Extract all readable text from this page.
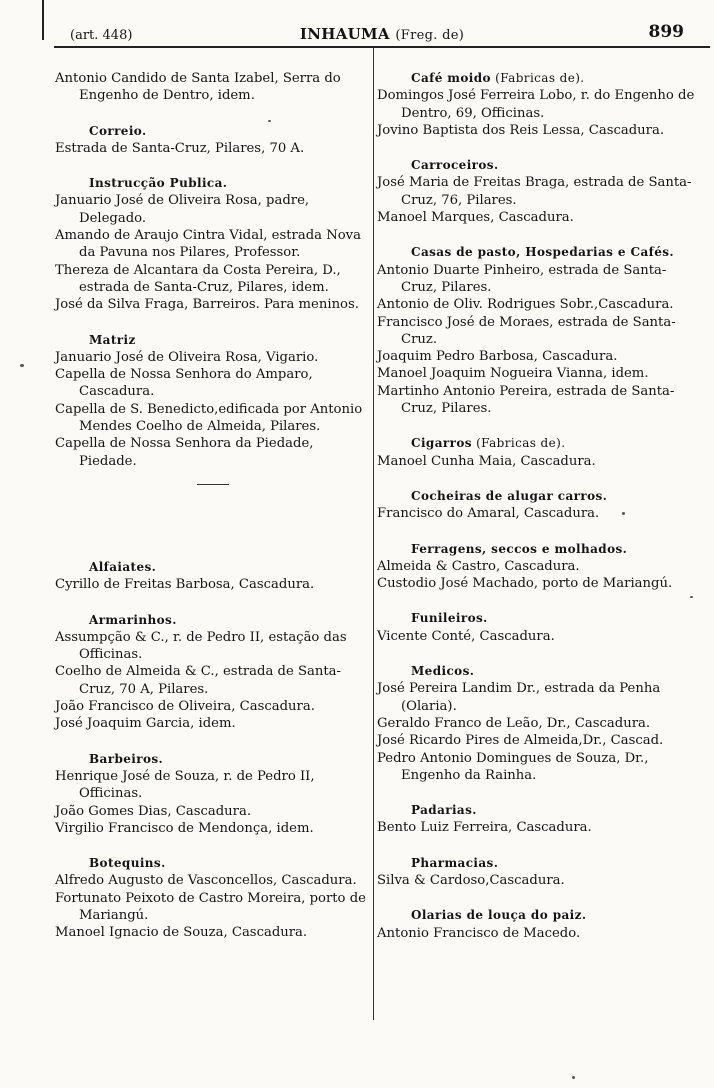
(art. 448)	INHAUMA (Freg. de)	899

Antonio Candido de Santa Izabel, Serra do Engenho de Dentro, idem.

Correio.

Estrada de Santa-Cruz, Pilares, 70 A.

Instrucção Publica.

Januario José de Oliveira Rosa, padre, Delegado.

Amando de Araujo Cintra Vidal, estrada Nova da Pavuna nos Pilares, Professor.

Thereza de Alcantara da Costa Pereira, D., estrada de Santa-Cruz, Pilares, idem.

José da Silva Fraga, Barreiros. Para meninos.

Matriz

Januario José de Oliveira Rosa, Vigario.

Capella de Nossa Senhora do Amparo, Cascadura.

Capella de S. Benedicto,edificada por Antonio Mendes Coelho de Almeida, Pilares.

Capella de Nossa Senhora da Piedade, Piedade.

Alfaiates.

Cyrillo de Freitas Barbosa, Cascadura.

Armarinhos.

Assumpção & C., r. de Pedro II, estação das Officinas.

Coelho de Almeida & C., estrada de Santa-Cruz, 70 A, Pilares.

João Francisco de Oliveira, Cascadura.

José Joaquim Garcia, idem.

Barbeiros.

Henrique José de Souza, r. de Pedro II, Officinas.

João Gomes Dias, Cascadura.

Virgilio Francisco de Mendonça, idem.

Botequins.

Alfredo Augusto de Vasconcellos, Cascadura.

Fortunato Peixoto de Castro Moreira, porto de Mariangú.

Manoel Ignacio de Souza, Cascadura.

Café moido (Fabricas de).

Domingos José Ferreira Lobo, r. do Engenho de Dentro, 69, Officinas.

Jovino Baptista dos Reis Lessa, Cascadura.

Carroceiros.

José Maria de Freitas Braga, estrada de Santa-Cruz, 76, Pilares.

Manoel Marques, Cascadura.

Casas de pasto, Hospedarias e Cafés.

Antonio Duarte Pinheiro, estrada de Santa-Cruz, Pilares.

Antonio de Oliv. Rodrigues Sobr.,Cascadura.

Francisco José de Moraes, estrada de Santa-Cruz.

Joaquim Pedro Barbosa, Cascadura.

Manoel Joaquim Nogueira Vianna, idem.

Martinho Antonio Pereira, estrada de Santa-Cruz, Pilares.

Cigarros (Fabricas de).

Manoel Cunha Maia, Cascadura.

Cocheiras de alugar carros.

Francisco do Amaral, Cascadura.

Ferragens, seccos e molhados.

Almeida & Castro, Cascadura.

Custodio José Machado, porto de Mariangú.

Funileiros.

Vicente Conté, Cascadura.

Medicos.

José Pereira Landim Dr., estrada da Penha (Olaria).

Geraldo Franco de Leão, Dr., Cascadura.

José Ricardo Pires de Almeida,Dr., Cascad.

Pedro Antonio Domingues de Souza, Dr., Engenho da Rainha.

Padarias.

Bento Luiz Ferreira, Cascadura.

Pharmacias.

Silva & Cardoso,Cascadura.

Olarias de louça do paiz.

Antonio Francisco de Macedo.
